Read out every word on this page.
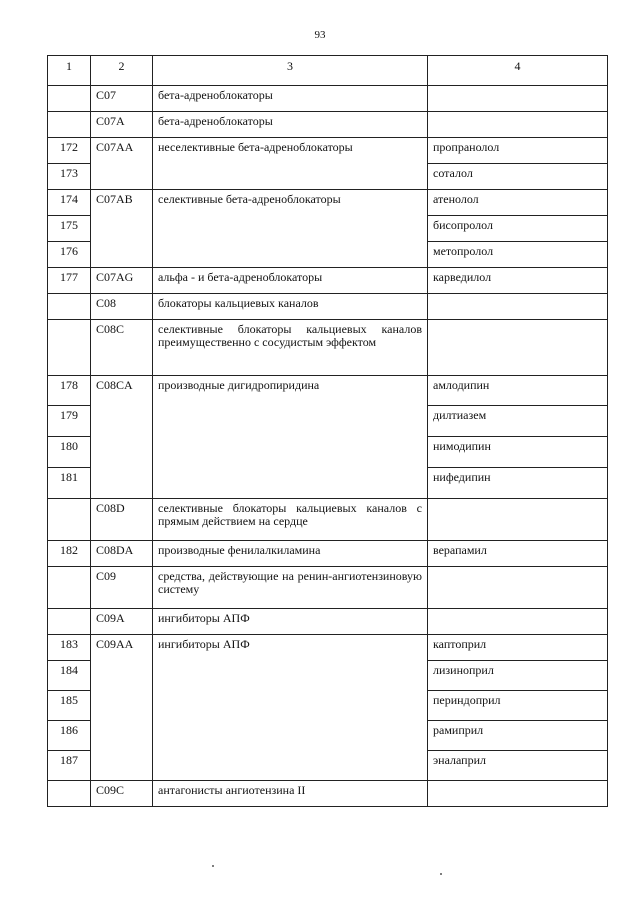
93
1	2	3	4
	C07	бета-адреноблокаторы	
	C07A	бета-адреноблокаторы	
172	C07AA	неселективные бета-адреноблокаторы	пропранолол
173			соталол
174	C07AB	селективные бета-адреноблокаторы	атенолол
175			бисопролол
176			метопролол
177	C07AG	альфа - и бета-адреноблокаторы	карведилол
	C08	блокаторы кальциевых каналов	
	C08C	селективные блокаторы кальциевых каналов преимущественно с сосудистым эффектом	
178	C08CA	производные дигидропиридина	амлодипин
179			дилтиазем
180			нимодипин
181			нифедипин
	C08D	селективные блокаторы кальциевых каналов с прямым действием на сердце	
182	C08DA	производные фенилалкиламина	верапамил
	C09	средства, действующие на ренин-ангиотензиновую систему	
	C09A	ингибиторы АПФ	
183	C09AA	ингибиторы АПФ	каптоприл
184			лизиноприл
185			периндоприл
186			рамиприл
187			эналаприл
	C09C	антагонисты ангиотензина II	
